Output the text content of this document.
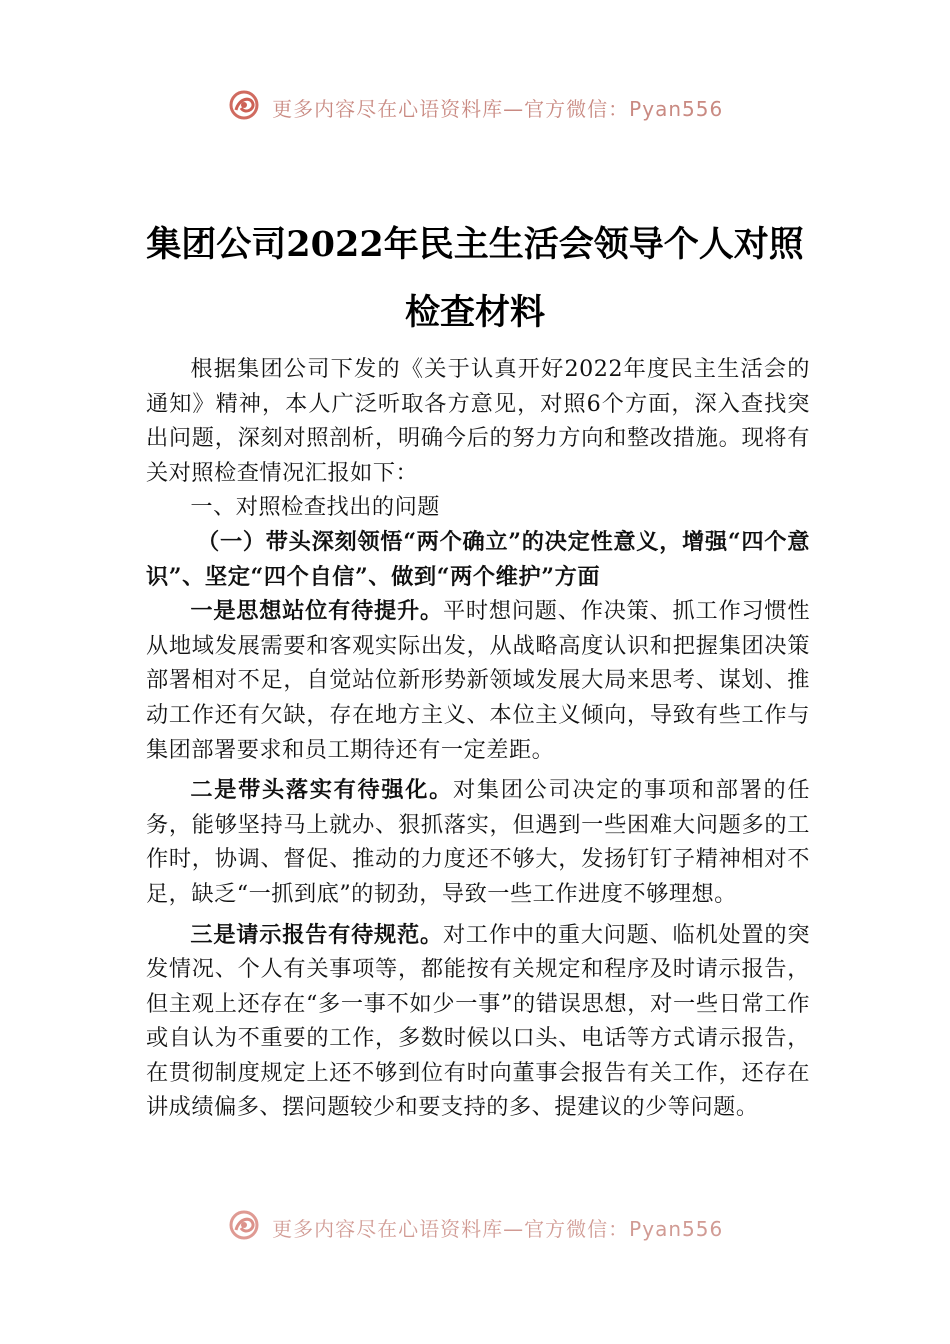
更多内容尽在心语资料库—官方微信：Pyan556
集团公司2022年民主生活会领导个人对照
检查材料

根据集团公司下发的《关于认真开好2022年度民主生活会的通知》精神，本人广泛听取各方意见，对照6个方面，深入查找突出问题，深刻对照剖析，明确今后的努力方向和整改措施。现将有关对照检查情况汇报如下：

一、对照检查找出的问题

（一）带头深刻领悟“两个确立”的决定性意义，增强“四个意识”、坚定“四个自信”、做到“两个维护”方面

一是思想站位有待提升。平时想问题、作决策、抓工作习惯性从地域发展需要和客观实际出发，从战略高度认识和把握集团决策部署相对不足，自觉站位新形势新领域发展大局来思考、谋划、推动工作还有欠缺，存在地方主义、本位主义倾向，导致有些工作与集团部署要求和员工期待还有一定差距。

二是带头落实有待强化。对集团公司决定的事项和部署的任务，能够坚持马上就办、狠抓落实，但遇到一些困难大问题多的工作时，协调、督促、推动的力度还不够大，发扬钉钉子精神相对不足，缺乏“一抓到底”的韧劲，导致一些工作进度不够理想。

三是请示报告有待规范。对工作中的重大问题、临机处置的突发情况、个人有关事项等，都能按有关规定和程序及时请示报告，但主观上还存在“多一事不如少一事”的错误思想，对一些日常工作或自认为不重要的工作，多数时候以口头、电话等方式请示报告，在贯彻制度规定上还不够到位有时向董事会报告有关工作，还存在讲成绩偏多、摆问题较少和要支持的多、提建议的少等问题。

更多内容尽在心语资料库—官方微信：Pyan556
